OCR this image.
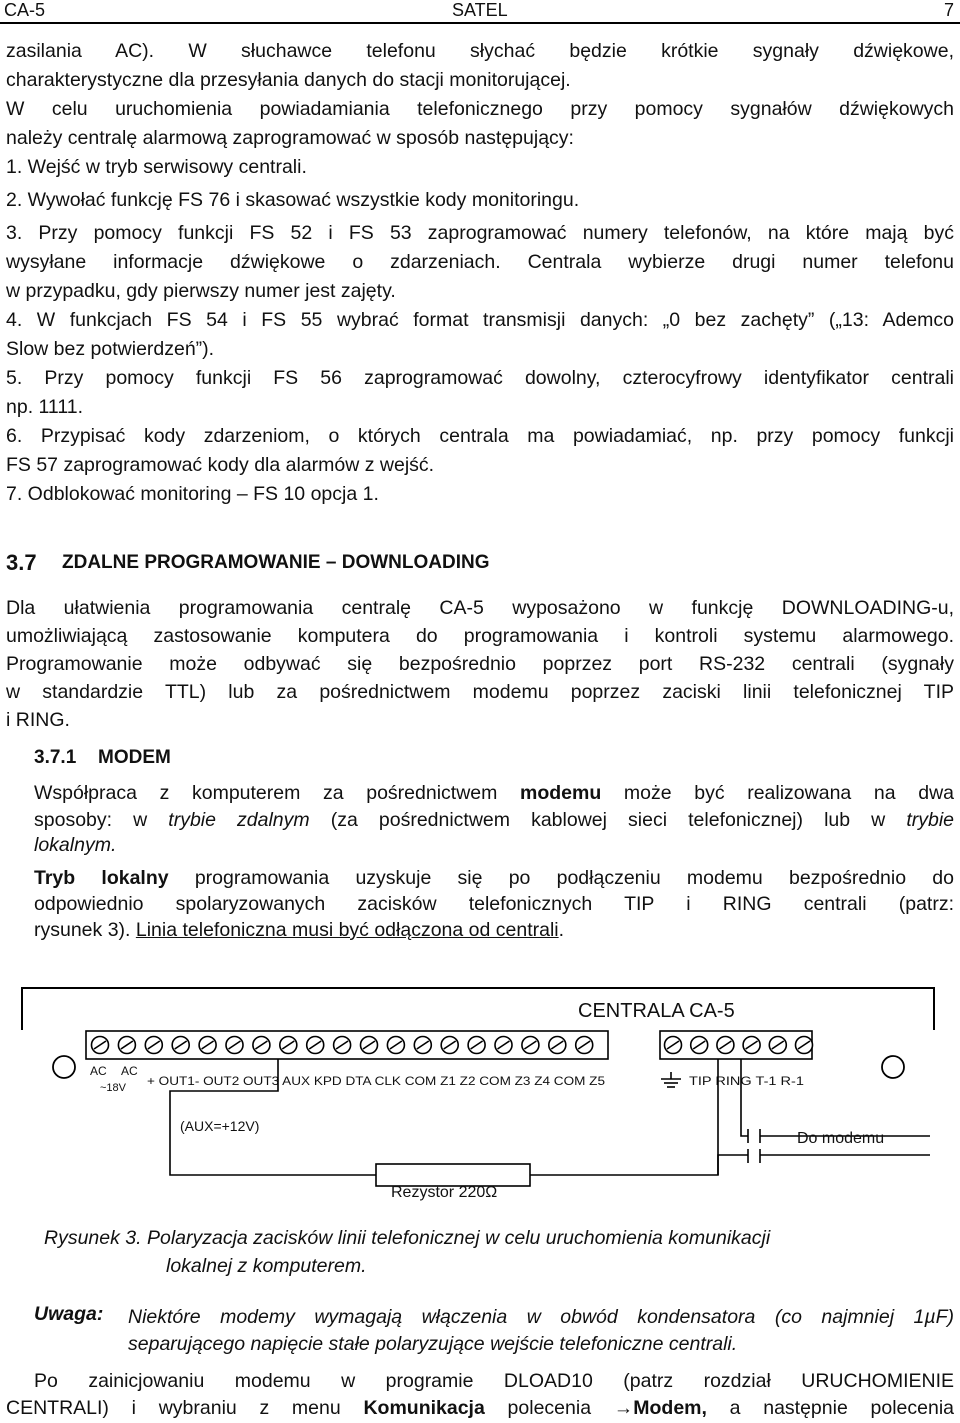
CA-5	SATEL	7
zasilania AC). W słuchawce telefonu słychać będzie krótkie sygnały dźwiękowe,
charakterystyczne dla przesyłania danych do stacji monitorującej.
W celu uruchomienia powiadamiania telefonicznego przy pomocy sygnałów dźwiękowych
należy centralę alarmową zaprogramować w sposób następujący:
1. Wejść w tryb serwisowy centrali.
2. Wywołać funkcję FS 76 i skasować wszystkie kody monitoringu.
3. Przy pomocy funkcji FS 52 i FS 53 zaprogramować numery telefonów, na które mają być
wysyłane informacje dźwiękowe o zdarzeniach. Centrala wybierze drugi numer telefonu
w przypadku, gdy pierwszy numer jest zajęty.
4. W funkcjach FS 54 i FS 55 wybrać format transmisji danych: „0 bez zachęty” („13: Ademco
Slow bez potwierdzeń”).
5. Przy pomocy funkcji FS 56 zaprogramować dowolny, czterocyfrowy identyfikator centrali
np. 1111.
6. Przypisać kody zdarzeniom, o których centrala ma powiadamiać, np. przy pomocy funkcji
FS 57 zaprogramować kody dla alarmów z wejść.
7. Odblokować monitoring – FS 10 opcja 1.
3.7 ZDALNE PROGRAMOWANIE – DOWNLOADING
Dla ułatwienia programowania centralę CA-5 wyposażono w funkcję DOWNLOADING-u,
umożliwiającą zastosowanie komputera do programowania i kontroli systemu alarmowego.
Programowanie może odbywać się bezpośrednio poprzez port RS-232 centrali (sygnały
w standardzie TTL) lub za pośrednictwem modemu poprzez zaciski linii telefonicznej TIP
i RING.
3.7.1 MODEM
Współpraca z komputerem za pośrednictwem modemu może być realizowana na dwa
sposoby: w trybie zdalnym (za pośrednictwem kablowej sieci telefonicznej) lub w trybie
lokalnym.
Tryb lokalny programowania uzyskuje się po podłączeniu modemu bezpośrednio do
odpowiednio spolaryzowanych zacisków telefonicznych TIP i RING centrali (patrz:
rysunek 3). Linia telefoniczna musi być odłączona od centrali.
CENTRALA CA-5
AC AC
~18V + OUT1- OUT2 OUT3 AUX KPD DTA CLK COM Z1 Z2 COM Z3 Z4 COM Z5	TIP RING T-1 R-1
(AUX=+12V)
Do modemu
Rezystor 220Ω
Rysunek 3. Polaryzacja zacisków linii telefonicznej w celu uruchomienia komunikacji
lokalnej z komputerem.
Uwaga: Niektóre modemy wymagają włączenia w obwód kondensatora (co najmniej 1µF)
separującego napięcie stałe polaryzujące wejście telefoniczne centrali.
Po zainicjowaniu modemu w programie DLOAD10 (patrz rozdział URUCHOMIENIE
CENTRALI) i wybraniu z menu Komunikacja polecenia →Modem, a następnie polecenia
